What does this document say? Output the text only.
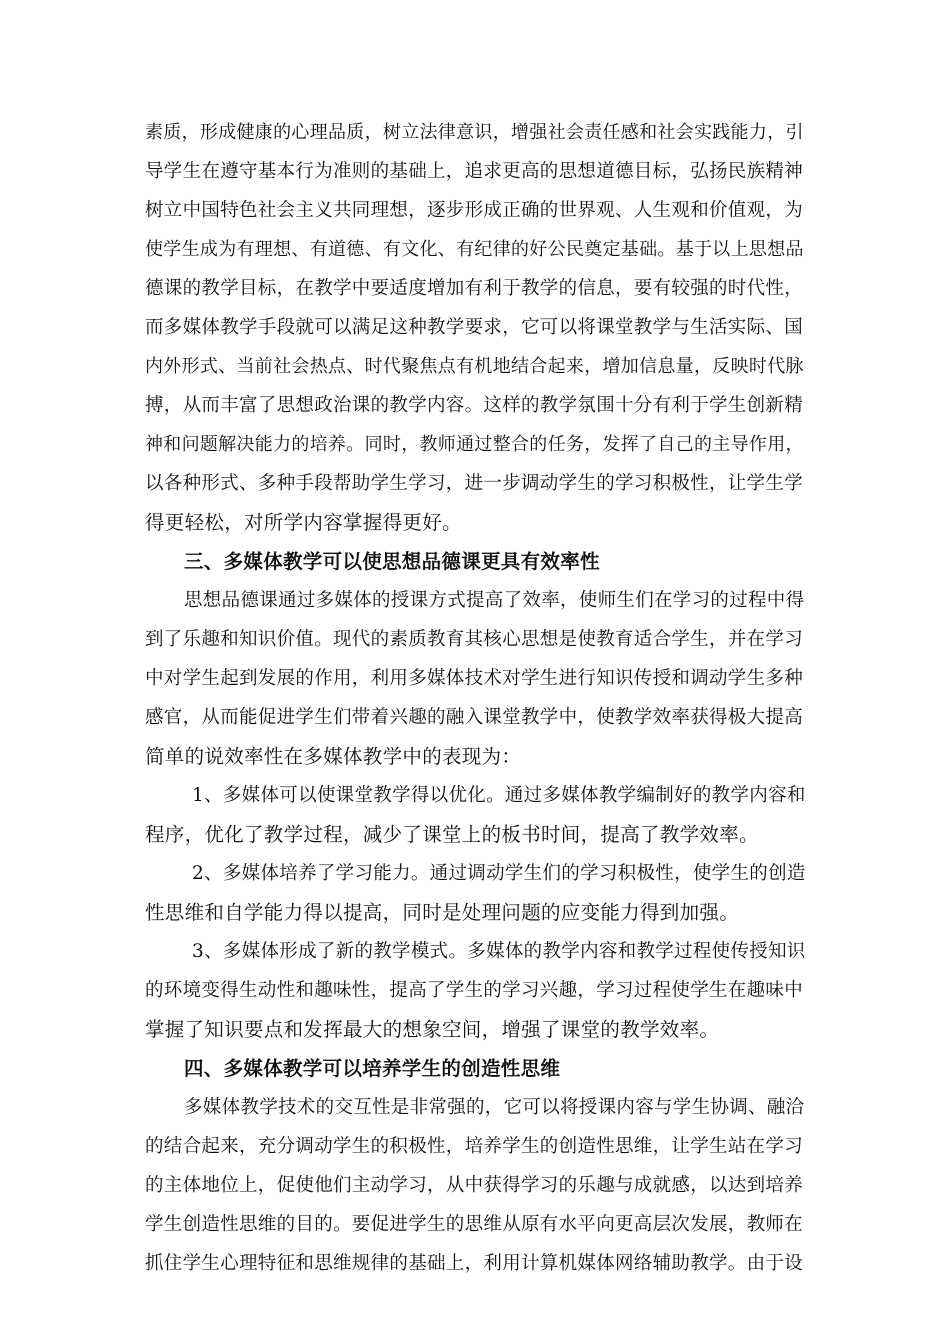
素质，形成健康的心理品质，树立法律意识，增强社会责任感和社会实践能力，引
导学生在遵守基本行为准则的基础上，追求更高的思想道德目标，弘扬民族精神
树立中国特色社会主义共同理想，逐步形成正确的世界观、人生观和价值观，为
使学生成为有理想、有道德、有文化、有纪律的好公民奠定基础。基于以上思想品
德课的教学目标，在教学中要适度增加有利于教学的信息，要有较强的时代性，
而多媒体教学手段就可以满足这种教学要求，它可以将课堂教学与生活实际、国
内外形式、当前社会热点、时代聚焦点有机地结合起来，增加信息量，反映时代脉
搏，从而丰富了思想政治课的教学内容。这样的教学氛围十分有利于学生创新精
神和问题解决能力的培养。同时，教师通过整合的任务，发挥了自己的主导作用，
以各种形式、多种手段帮助学生学习，进一步调动学生的学习积极性，让学生学
得更轻松，对所学内容掌握得更好。
三、多媒体教学可以使思想品德课更具有效率性
思想品德课通过多媒体的授课方式提高了效率，使师生们在学习的过程中得
到了乐趣和知识价值。现代的素质教育其核心思想是使教育适合学生，并在学习
中对学生起到发展的作用，利用多媒体技术对学生进行知识传授和调动学生多种
感官，从而能促进学生们带着兴趣的融入课堂教学中，使教学效率获得极大提高
简单的说效率性在多媒体教学中的表现为：
1、多媒体可以使课堂教学得以优化。通过多媒体教学编制好的教学内容和
程序，优化了教学过程，减少了课堂上的板书时间，提高了教学效率。
2、多媒体培养了学习能力。通过调动学生们的学习积极性，使学生的创造
性思维和自学能力得以提高，同时是处理问题的应变能力得到加强。
3、多媒体形成了新的教学模式。多媒体的教学内容和教学过程使传授知识
的环境变得生动性和趣味性，提高了学生的学习兴趣，学习过程使学生在趣味中
掌握了知识要点和发挥最大的想象空间，增强了课堂的教学效率。
四、多媒体教学可以培养学生的创造性思维
多媒体教学技术的交互性是非常强的，它可以将授课内容与学生协调、融洽
的结合起来，充分调动学生的积极性，培养学生的创造性思维，让学生站在学习
的主体地位上，促使他们主动学习，从中获得学习的乐趣与成就感，以达到培养
学生创造性思维的目的。要促进学生的思维从原有水平向更高层次发展，教师在
抓住学生心理特征和思维规律的基础上，利用计算机媒体网络辅助教学。由于设
